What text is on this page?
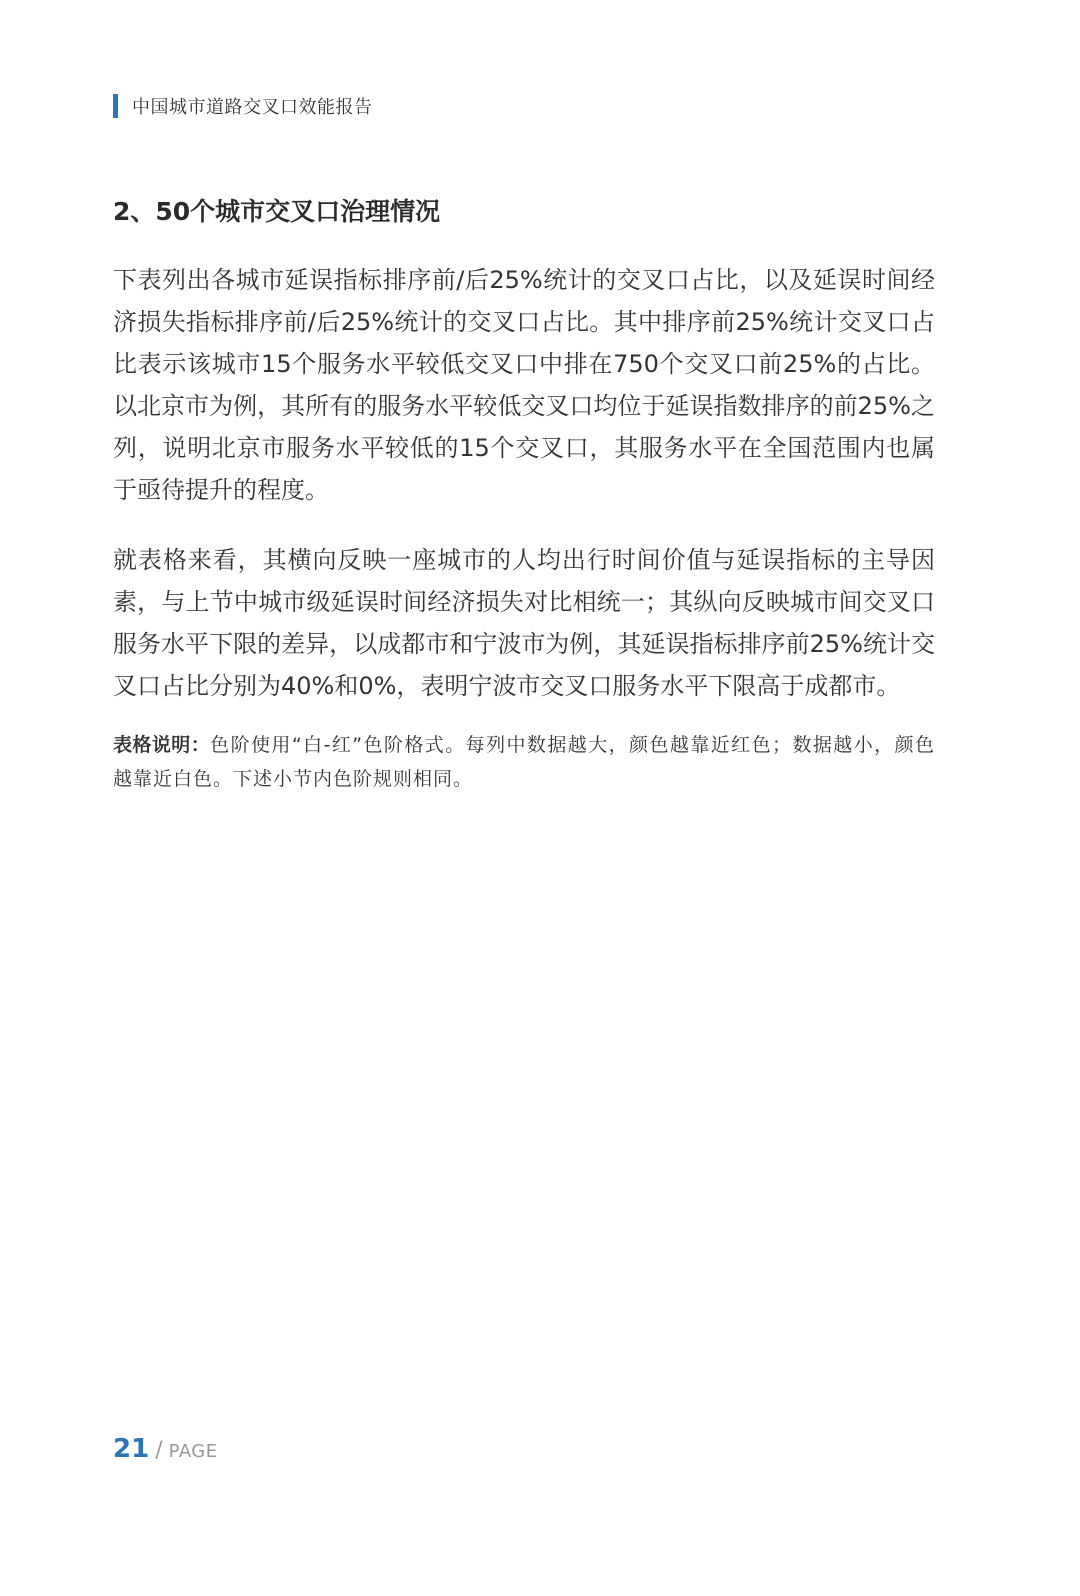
中国城市道路交叉口效能报告
2、50个城市交叉口治理情况

下表列出各城市延误指标排序前/后25%统计的交叉口占比，以及延误时间经济损失指标排序前/后25%统计的交叉口占比。其中排序前25%统计交叉口占比表示该城市15个服务水平较低交叉口中排在750个交叉口前25%的占比。以北京市为例，其所有的服务水平较低交叉口均位于延误指数排序的前25%之列，说明北京市服务水平较低的15个交叉口，其服务水平在全国范围内也属于亟待提升的程度。

就表格来看，其横向反映一座城市的人均出行时间价值与延误指标的主导因素，与上节中城市级延误时间经济损失对比相统一；其纵向反映城市间交叉口服务水平下限的差异，以成都市和宁波市为例，其延误指标排序前25%统计交叉口占比分别为40%和0%，表明宁波市交叉口服务水平下限高于成都市。

表格说明：色阶使用“白-红”色阶格式。每列中数据越大，颜色越靠近红色；数据越小，颜色越靠近白色。下述小节内色阶规则相同。

21 / PAGE
